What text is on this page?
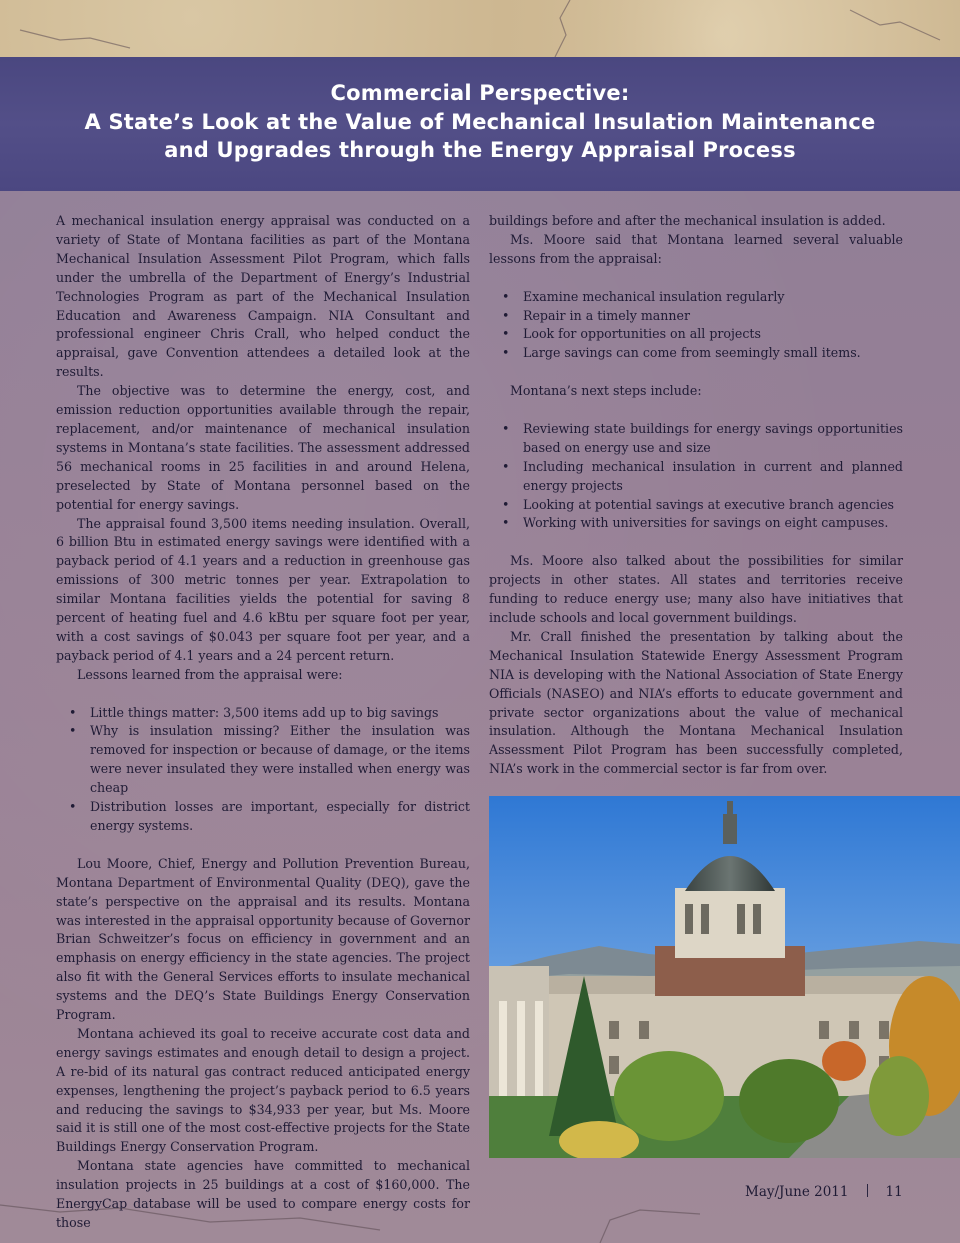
Commercial Perspective:
A State’s Look at the Value of Mechanical Insulation Maintenance
and Upgrades through the Energy Appraisal Process

A mechanical insulation energy appraisal was conducted on a variety of State of Montana facilities as part of the Montana Mechanical Insulation Assessment Pilot Program, which falls under the umbrella of the Department of Energy’s Industrial Technologies Program as part of the Mechanical Insulation Education and Awareness Campaign. NIA Consultant and professional engineer Chris Crall, who helped conduct the appraisal, gave Convention attendees a detailed look at the results.

The objective was to determine the energy, cost, and emission reduction opportunities available through the repair, replacement, and/or maintenance of mechanical insulation systems in Montana’s state facilities. The assessment addressed 56 mechanical rooms in 25 facilities in and around Helena, preselected by State of Montana personnel based on the potential for energy savings.

The appraisal found 3,500 items needing insulation. Overall, 6 billion Btu in estimated energy savings were identified with a payback period of 4.1 years and a reduction in greenhouse gas emissions of 300 metric tonnes per year. Extrapolation to similar Montana facilities yields the potential for saving 8 percent of heating fuel and 4.6 kBtu per square foot per year, with a cost savings of $0.043 per square foot per year, and a payback period of 4.1 years and a 24 percent return.

Lessons learned from the appraisal were:

• Little things matter: 3,500 items add up to big savings
• Why is insulation missing? Either the insulation was removed for inspection or because of damage, or the items were never insulated they were installed when energy was cheap
• Distribution losses are important, especially for district energy systems.

Lou Moore, Chief, Energy and Pollution Prevention Bureau, Montana Department of Environmental Quality (DEQ), gave the state’s perspective on the appraisal and its results. Montana was interested in the appraisal opportunity because of Governor Brian Schweitzer’s focus on efficiency in government and an emphasis on energy efficiency in the state agencies. The project also fit with the General Services efforts to insulate mechanical systems and the DEQ’s State Buildings Energy Conservation Program.

Montana achieved its goal to receive accurate cost data and energy savings estimates and enough detail to design a project. A re-bid of its natural gas contract reduced anticipated energy expenses, lengthening the project’s payback period to 6.5 years and reducing the savings to $34,933 per year, but Ms. Moore said it is still one of the most cost-effective projects for the State Buildings Energy Conservation Program.

Montana state agencies have committed to mechanical insulation projects in 25 buildings at a cost of $160,000. The EnergyCap database will be used to compare energy costs for those

buildings before and after the mechanical insulation is added.

Ms. Moore said that Montana learned several valuable lessons from the appraisal:

• Examine mechanical insulation regularly
• Repair in a timely manner
• Look for opportunities on all projects
• Large savings can come from seemingly small items.

Montana’s next steps include:

• Reviewing state buildings for energy savings opportunities based on energy use and size
• Including mechanical insulation in current and planned energy projects
• Looking at potential savings at executive branch agencies
• Working with universities for savings on eight campuses.

Ms. Moore also talked about the possibilities for similar projects in other states. All states and territories receive funding to reduce energy use; many also have initiatives that include schools and local government buildings.

Mr. Crall finished the presentation by talking about the Mechanical Insulation Statewide Energy Assessment Program NIA is developing with the National Association of State Energy Officials (NASEO) and NIA’s efforts to educate government and private sector organizations about the value of mechanical insulation. Although the Montana Mechanical Insulation Assessment Pilot Program has been successfully completed, NIA’s work in the commercial sector is far from over.

May/June 2011	11
